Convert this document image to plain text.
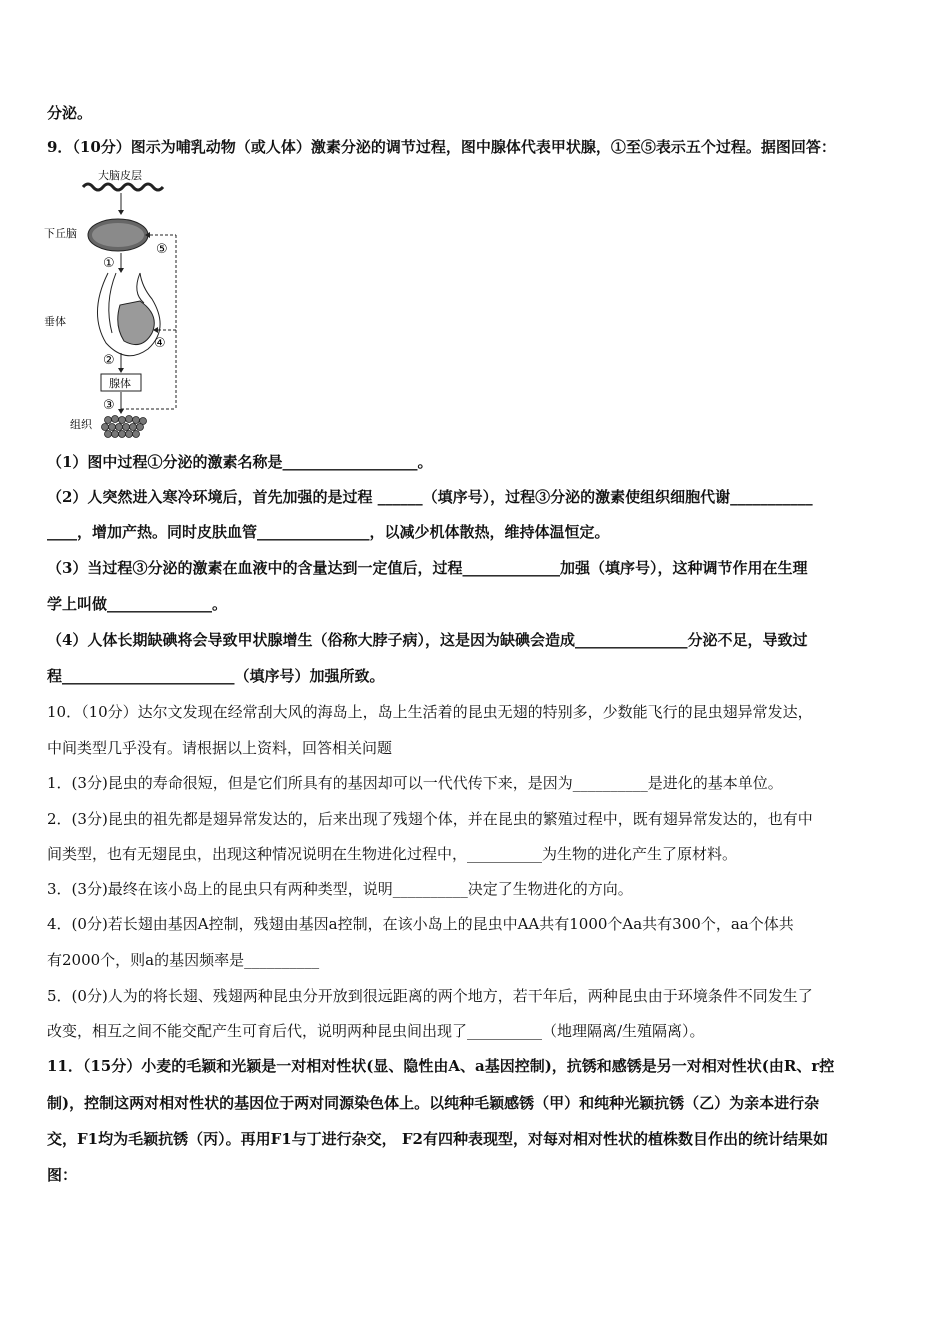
分泌。
9．（10分）图示为哺乳动物（或人体）激素分泌的调节过程，图中腺体代表甲状腺，①至⑤表示五个过程。据图回答：
大脑皮层
下丘脑
⑤
①
垂体
④
②
腺体
③
组织
（1）图中过程①分泌的激素名称是__________________。
（2）人突然进入寒冷环境后，首先加强的是过程 ______（填序号），过程③分泌的激素使组织细胞代谢___________
____，增加产热。同时皮肤血管_______________，以减少机体散热，维持体温恒定。
（3）当过程③分泌的激素在血液中的含量达到一定值后，过程_____________加强（填序号），这种调节作用在生理
学上叫做______________。
（4）人体长期缺碘将会导致甲状腺增生（俗称大脖子病），这是因为缺碘会造成_______________分泌不足，导致过
程_______________________（填序号）加强所致。
10．（10分）达尔文发现在经常刮大风的海岛上，岛上生活着的昆虫无翅的特别多，少数能飞行的昆虫翅异常发达，
中间类型几乎没有。请根据以上资料，回答相关问题
1．(3分)昆虫的寿命很短，但是它们所具有的基因却可以一代代传下来，是因为__________是进化的基本单位。
2．(3分)昆虫的祖先都是翅异常发达的，后来出现了残翅个体，并在昆虫的繁殖过程中，既有翅异常发达的，也有中
间类型，也有无翅昆虫，出现这种情况说明在生物进化过程中，__________为生物的进化产生了原材料。
3．(3分)最终在该小岛上的昆虫只有两种类型，说明__________决定了生物进化的方向。
4．(0分)若长翅由基因A控制，残翅由基因a控制，在该小岛上的昆虫中AA共有1000个Aa共有300个，aa个体共
有2000个，则a的基因频率是__________
5．(0分)人为的将长翅、残翅两种昆虫分开放到很远距离的两个地方，若干年后，两种昆虫由于环境条件不同发生了
改变，相互之间不能交配产生可育后代，说明两种昆虫间出现了__________（地理隔离/生殖隔离）。
11．（15分）小麦的毛颖和光颖是一对相对性状(显、隐性由A、a基因控制)，抗锈和感锈是另一对相对性状(由R、r控
制)，控制这两对相对性状的基因位于两对同源染色体上。以纯种毛颖感锈（甲）和纯种光颖抗锈（乙）为亲本进行杂
交，F1均为毛颖抗锈（丙）。再用F1与丁进行杂交， F2有四种表现型，对每对相对性状的植株数目作出的统计结果如
图：
